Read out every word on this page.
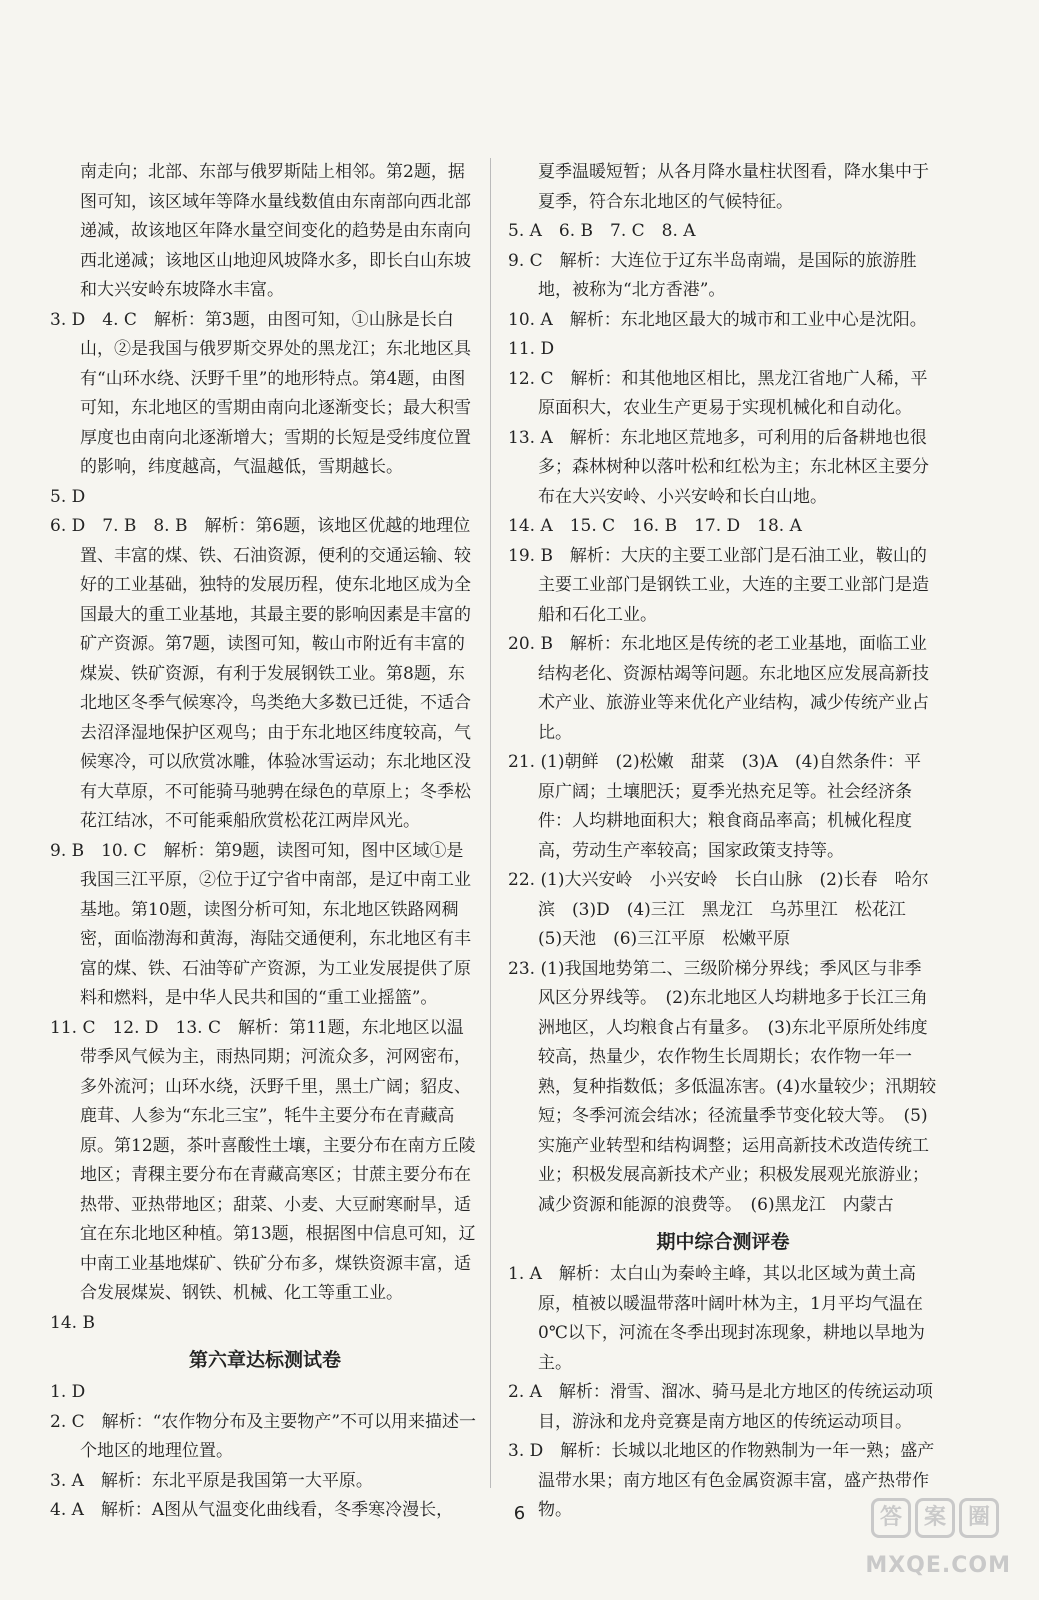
南走向；北部、东部与俄罗斯陆上相邻。第2题，据图可知，该区域年等降水量线数值由东南部向西北部递减，故该地区年降水量空间变化的趋势是由东南向西北递减；该地区山地迎风坡降水多，即长白山东坡和大兴安岭东坡降水丰富。

3. D　4. C　解析：第3题，由图可知，①山脉是长白山，②是我国与俄罗斯交界处的黑龙江；东北地区具有“山环水绕、沃野千里”的地形特点。第4题，由图可知，东北地区的雪期由南向北逐渐变长；最大积雪厚度也由南向北逐渐增大；雪期的长短是受纬度位置的影响，纬度越高，气温越低，雪期越长。

5. D

6. D　7. B　8. B　解析：第6题，该地区优越的地理位置、丰富的煤、铁、石油资源，便利的交通运输、较好的工业基础，独特的发展历程，使东北地区成为全国最大的重工业基地，其最主要的影响因素是丰富的矿产资源。第7题，读图可知，鞍山市附近有丰富的煤炭、铁矿资源，有利于发展钢铁工业。第8题，东北地区冬季气候寒冷，鸟类绝大多数已迁徙，不适合去沼泽湿地保护区观鸟；由于东北地区纬度较高，气候寒冷，可以欣赏冰雕，体验冰雪运动；东北地区没有大草原，不可能骑马驰骋在绿色的草原上；冬季松花江结冰，不可能乘船欣赏松花江两岸风光。

9. B　10. C　解析：第9题，读图可知，图中区域①是我国三江平原，②位于辽宁省中南部，是辽中南工业基地。第10题，读图分析可知，东北地区铁路网稠密，面临渤海和黄海，海陆交通便利，东北地区有丰富的煤、铁、石油等矿产资源，为工业发展提供了原料和燃料，是中华人民共和国的“重工业摇篮”。

11. C　12. D　13. C　解析：第11题，东北地区以温带季风气候为主，雨热同期；河流众多，河网密布，多外流河；山环水绕，沃野千里，黑土广阔；貂皮、鹿茸、人参为“东北三宝”，牦牛主要分布在青藏高原。第12题，茶叶喜酸性土壤，主要分布在南方丘陵地区；青稞主要分布在青藏高寒区；甘蔗主要分布在热带、亚热带地区；甜菜、小麦、大豆耐寒耐旱，适宜在东北地区种植。第13题，根据图中信息可知，辽中南工业基地煤矿、铁矿分布多，煤铁资源丰富，适合发展煤炭、钢铁、机械、化工等重工业。

14. B

第六章达标测试卷

1. D

2. C　解析：“农作物分布及主要物产”不可以用来描述一个地区的地理位置。

3. A　解析：东北平原是我国第一大平原。

4. A　解析：A图从气温变化曲线看，冬季寒冷漫长，

夏季温暖短暂；从各月降水量柱状图看，降水集中于夏季，符合东北地区的气候特征。

5. A　6. B　7. C　8. A

9. C　解析：大连位于辽东半岛南端，是国际的旅游胜地，被称为“北方香港”。

10. A　解析：东北地区最大的城市和工业中心是沈阳。

11. D

12. C　解析：和其他地区相比，黑龙江省地广人稀，平原面积大，农业生产更易于实现机械化和自动化。

13. A　解析：东北地区荒地多，可利用的后备耕地也很多；森林树种以落叶松和红松为主；东北林区主要分布在大兴安岭、小兴安岭和长白山地。

14. A　15. C　16. B　17. D　18. A

19. B　解析：大庆的主要工业部门是石油工业，鞍山的主要工业部门是钢铁工业，大连的主要工业部门是造船和石化工业。

20. B　解析：东北地区是传统的老工业基地，面临工业结构老化、资源枯竭等问题。东北地区应发展高新技术产业、旅游业等来优化产业结构，减少传统产业占比。

21. (1)朝鲜　(2)松嫩　甜菜　(3)A　(4)自然条件：平原广阔；土壤肥沃；夏季光热充足等。社会经济条件：人均耕地面积大；粮食商品率高；机械化程度高，劳动生产率较高；国家政策支持等。

22. (1)大兴安岭　小兴安岭　长白山脉　(2)长春　哈尔滨　(3)D　(4)三江　黑龙江　乌苏里江　松花江　(5)天池　(6)三江平原　松嫩平原

23. (1)我国地势第二、三级阶梯分界线；季风区与非季风区分界线等。　(2)东北地区人均耕地多于长江三角洲地区，人均粮食占有量多。　(3)东北平原所处纬度较高，热量少，农作物生长周期长；农作物一年一熟，复种指数低；多低温冻害。(4)水量较少；汛期较短；冬季河流会结冰；径流量季节变化较大等。　(5)实施产业转型和结构调整；运用高新技术改造传统工业；积极发展高新技术产业；积极发展观光旅游业；减少资源和能源的浪费等。　(6)黑龙江　内蒙古

期中综合测评卷

1. A　解析：太白山为秦岭主峰，其以北区域为黄土高原，植被以暖温带落叶阔叶林为主，1月平均气温在0℃以下，河流在冬季出现封冻现象，耕地以旱地为主。

2. A　解析：滑雪、溜冰、骑马是北方地区的传统运动项目，游泳和龙舟竞赛是南方地区的传统运动项目。

3. D　解析：长城以北地区的作物熟制为一年一熟；盛产温带水果；南方地区有色金属资源丰富，盛产热带作物。

6	答 案 圈
MXQE.COM
